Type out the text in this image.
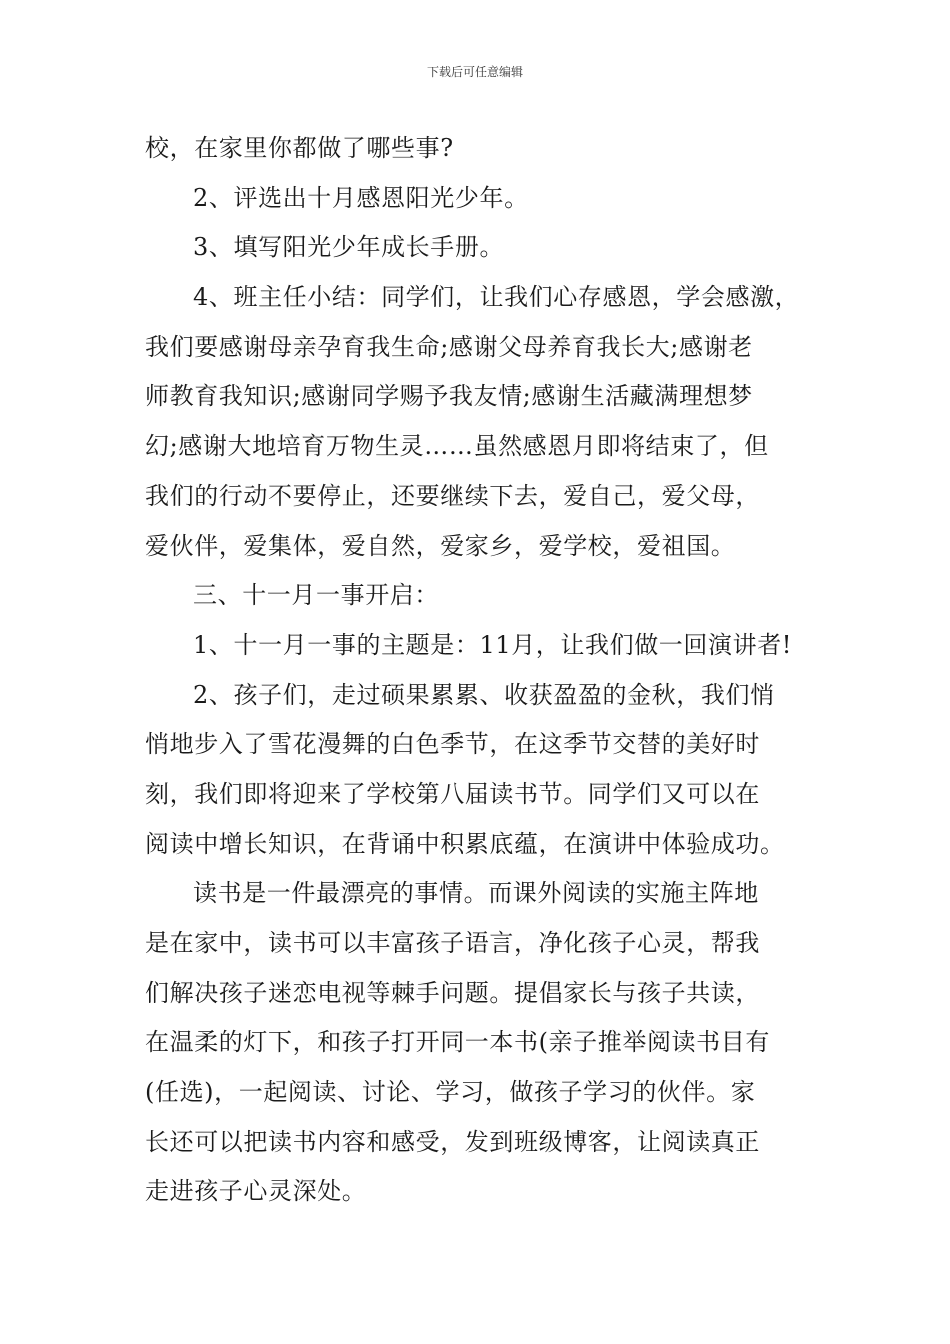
下载后可任意编辑
校，在家里你都做了哪些事?
2、评选出十月感恩阳光少年。
3、填写阳光少年成长手册。
4、班主任小结：同学们，让我们心存感恩，学会感激，
我们要感谢母亲孕育我生命;感谢父母养育我长大;感谢老
师教育我知识;感谢同学赐予我友情;感谢生活藏满理想梦
幻;感谢大地培育万物生灵……虽然感恩月即将结束了，但
我们的行动不要停止，还要继续下去，爱自己，爱父母，
爱伙伴，爱集体，爱自然，爱家乡，爱学校，爱祖国。
三、十一月一事开启：
1、十一月一事的主题是：11月，让我们做一回演讲者!
2、孩子们，走过硕果累累、收获盈盈的金秋，我们悄
悄地步入了雪花漫舞的白色季节，在这季节交替的美好时
刻，我们即将迎来了学校第八届读书节。同学们又可以在
阅读中增长知识，在背诵中积累底蕴，在演讲中体验成功。
读书是一件最漂亮的事情。而课外阅读的实施主阵地
是在家中，读书可以丰富孩子语言，净化孩子心灵，帮我
们解决孩子迷恋电视等棘手问题。提倡家长与孩子共读，
在温柔的灯下，和孩子打开同一本书(亲子推举阅读书目有
(任选)，一起阅读、讨论、学习，做孩子学习的伙伴。家
长还可以把读书内容和感受，发到班级博客，让阅读真正
走进孩子心灵深处。
